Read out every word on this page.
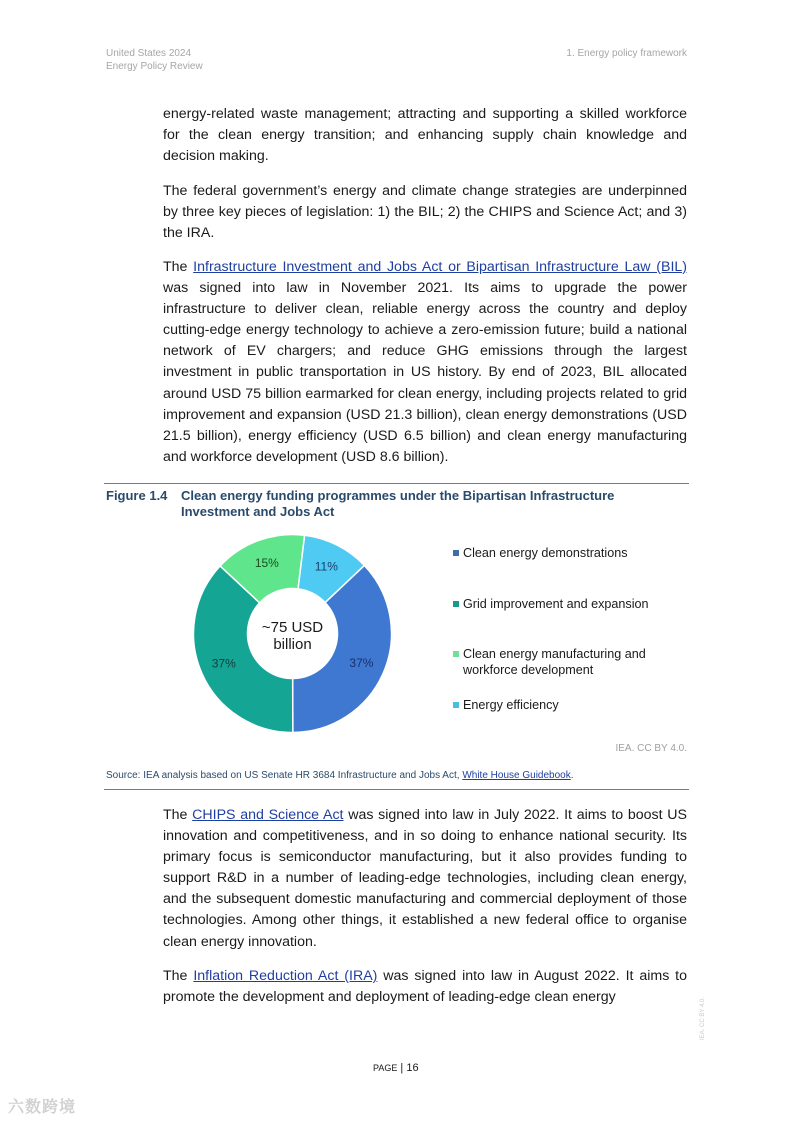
United States 2024
Energy Policy Review
1. Energy policy framework

energy-related waste management; attracting and supporting a skilled workforce for the clean energy transition; and enhancing supply chain knowledge and decision making.

The federal government’s energy and climate change strategies are underpinned by three key pieces of legislation: 1) the BIL; 2) the CHIPS and Science Act; and 3) the IRA.

The Infrastructure Investment and Jobs Act or Bipartisan Infrastructure Law (BIL) was signed into law in November 2021. Its aims to upgrade the power infrastructure to deliver clean, reliable energy across the country and deploy cutting-edge energy technology to achieve a zero-emission future; build a national network of EV chargers; and reduce GHG emissions through the largest investment in public transportation in US history. By end of 2023, BIL allocated around USD 75 billion earmarked for clean energy, including projects related to grid improvement and expansion (USD 21.3 billion), clean energy demonstrations (USD 21.5 billion), energy efficiency (USD 6.5 billion) and clean energy manufacturing and workforce development (USD 8.6 billion).

Figure 1.4	Clean energy funding programmes under the Bipartisan Infrastructure Investment and Jobs Act
11%
37%
37%
15%
~75 USD
billion
Clean energy demonstrations
Grid improvement and expansion
Clean energy manufacturing and workforce development
Energy efficiency
IEA. CC BY 4.0.
Source: IEA analysis based on US Senate HR 3684 Infrastructure and Jobs Act, White House Guidebook.

The CHIPS and Science Act was signed into law in July 2022. It aims to boost US innovation and competitiveness, and in so doing to enhance national security. Its primary focus is semiconductor manufacturing, but it also provides funding to support R&D in a number of leading-edge technologies, including clean energy, and the subsequent domestic manufacturing and commercial deployment of those technologies. Among other things, it established a new federal office to organise clean energy innovation.

The Inflation Reduction Act (IRA) was signed into law in August 2022. It aims to promote the development and deployment of leading-edge clean energy

PAGE | 16
IEA. CC BY 4.0.
六数跨境
